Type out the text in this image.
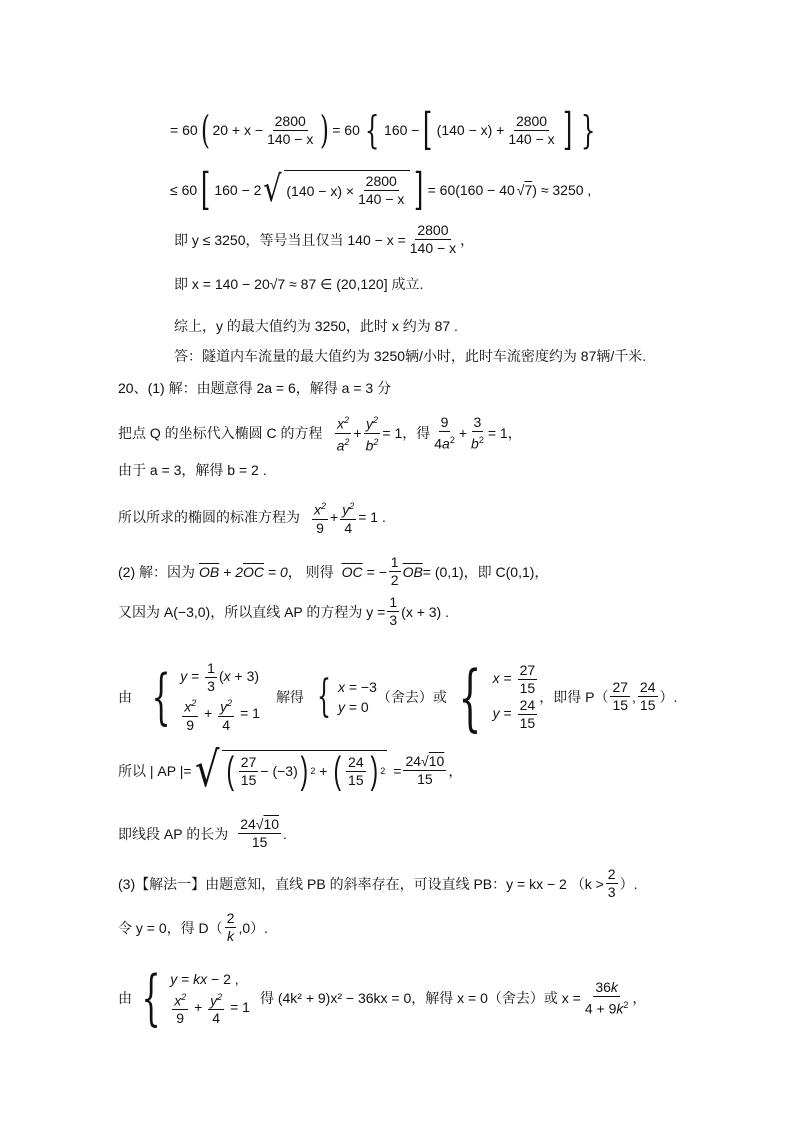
= 60 ( $20 + x - \frac{2800}{140 - x}$ ) = 60 { 160 − [ $(140 - x) + \frac{2800}{140 - x}$ ] }
≤ 60 [ 160 − 2 √ $(140 - x) \times \frac{2800}{140 - x}$ ] = 60(160 − 40 √7 ) ≈ 3250 ,
即 y ≤ 3250，等号当且仅当 $140 - x = \frac{2800}{140 - x}$ ，
即 x = 140 − 20√7 ≈ 87 ∈ (20,120] 成立.
综上，y 的最大值约为 3250，此时 x 约为 87 .
答：隧道内车流量的最大值约为 3250辆/小时，此时车流密度约为 87辆/千米.
20、(1) 解：由题意得 2a = 6，解得 a = 3 分
把点 Q 的坐标代入椭圆 C 的方程 $\frac{x^2}{a^2} + \frac{y^2}{b^2} = 1$，得 $\frac{9}{4a^2} + \frac{3}{b^2} = 1$，
由于 a = 3，解得 b = 2 .
所以所求的椭圆的标准方程为 $\frac{x^2}{9} + \frac{y^2}{4} = 1$ .
(2) 解：因为 $\overline{OB} + 2\overline{OC} = 0$ ， 则得 $\overline{OC}$ = − $\frac{1}{2} \overline{OB} = (0,1)$，即 C(0,1)，
又因为 A(−3,0)，所以直线 AP 的方程为 $y = \frac{1}{3} (x + 3)$ .
由 { $y = \frac{1}{3} (x + 3)$
$\frac{x^2}{9} + \frac{y^2}{4} = 1$
解得 { x = −3
y = 0
（舍去）或 { $x = \frac{27}{15}$
$y = \frac{24}{15}$ ，即得 $P( \frac{27}{15}$ , $\frac{24}{15}$ ）.
所以 | AP |= √ ( $\frac{27}{15} - (-3)$ ) 2 + ( $\frac{24}{15}$ ) $2 = \frac{24√10}{15}$ ，
即线段 AP 的长为 $\frac{24√10}{15}$ .
(3)【解法一】由题意知，直线 PB 的斜率存在，可设直线 PB：y = kx − 2 （$k > \frac{2}{3}$ ）.
令 y = 0，得 $D( \frac{2}{k} ,0)$.
由 { y = kx − 2 ,
$\frac{x^2}{9} + \frac{y^2}{4} = 1$
得 (4k² + 9)x² − 36kx = 0，解得 x = 0（舍去）或 $x = \frac{36k}{4 + 9k^2}$ ，
